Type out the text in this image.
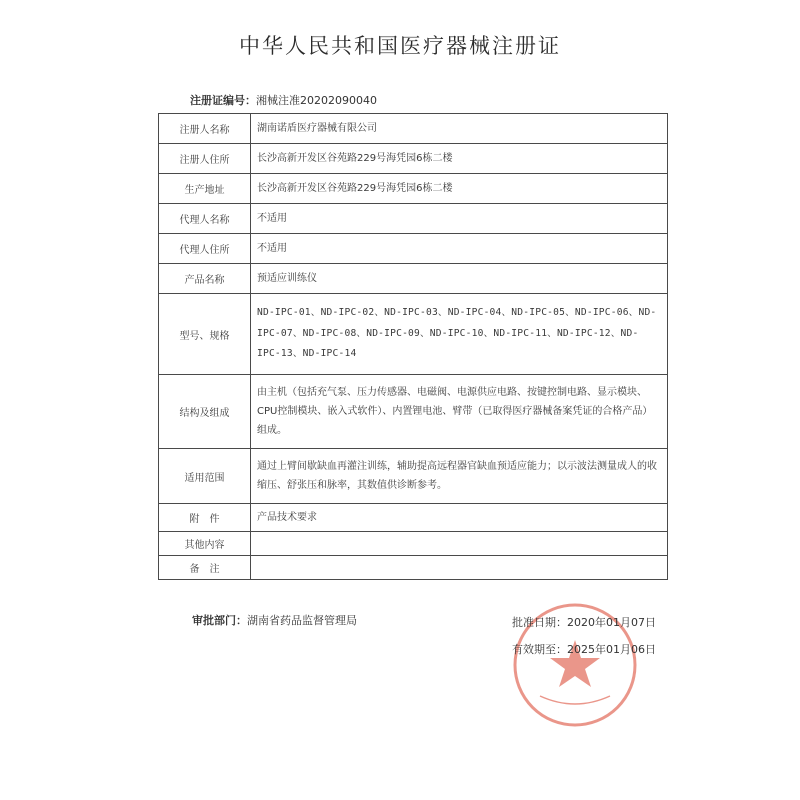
中华人民共和国医疗器械注册证
注册证编号：湘械注准20202090040
注册人名称	湖南诺盾医疗器械有限公司
注册人住所	长沙高新开发区谷苑路229号海凭园6栋二楼
生产地址	长沙高新开发区谷苑路229号海凭园6栋二楼
代理人名称	不适用
代理人住所	不适用
产品名称	预适应训练仪
型号、规格	ND-IPC-01、ND-IPC-02、ND-IPC-03、ND-IPC-04、ND-IPC-05、ND-IPC-06、ND-IPC-07、ND-IPC-08、ND-IPC-09、ND-IPC-10、ND-IPC-11、ND-IPC-12、ND-IPC-13、ND-IPC-14
结构及组成	由主机（包括充气泵、压力传感器、电磁阀、电源供应电路、按键控制电路、显示模块、CPU控制模块、嵌入式软件）、内置锂电池、臂带（已取得医疗器械备案凭证的合格产品）组成。
适用范围	通过上臂间歇缺血再灌注训练，辅助提高远程器官缺血预适应能力；以示波法测量成人的收缩压、舒张压和脉率，其数值供诊断参考。
附　件	产品技术要求
其他内容	
备　注	
审批部门：湖南省药品监督管理局	批准日期：2020年01月07日
有效期至：2025年01月06日
